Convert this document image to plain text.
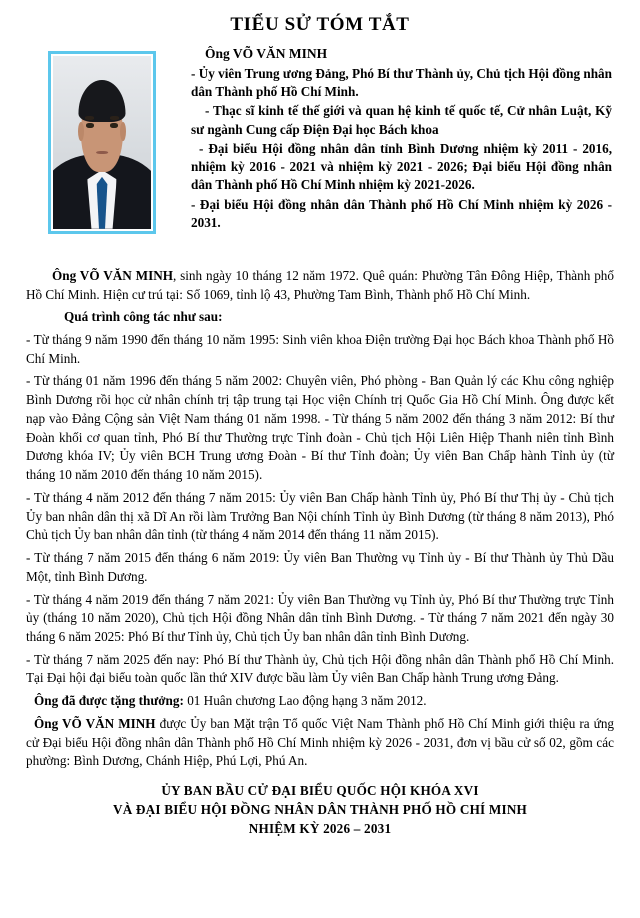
TIỂU SỬ TÓM TẮT
Ông VÕ VĂN MINH
- Ủy viên Trung ương Đảng, Phó Bí thư Thành ủy, Chủ tịch Hội đồng nhân dân Thành phố Hồ Chí Minh.
- Thạc sĩ kinh tế thế giới và quan hệ kinh tế quốc tế, Cử nhân Luật, Kỹ sư ngành Cung cấp Điện Đại học Bách khoa
- Đại biểu Hội đồng nhân dân tỉnh Bình Dương nhiệm kỳ 2011 - 2016, nhiệm kỳ 2016 - 2021 và nhiệm kỳ 2021 - 2026; Đại biểu Hội đồng nhân dân Thành phố Hồ Chí Minh nhiệm kỳ 2021-2026.
- Đại biểu Hội đồng nhân dân Thành phố Hồ Chí Minh nhiệm kỳ 2026 - 2031.

Ông VÕ VĂN MINH, sinh ngày 10 tháng 12 năm 1972. Quê quán: Phường Tân Đông Hiệp, Thành phố Hồ Chí Minh. Hiện cư trú tại: Số 1069, tỉnh lộ 43, Phường Tam Bình, Thành phố Hồ Chí Minh.

Quá trình công tác như sau:

- Từ tháng 9 năm 1990 đến tháng 10 năm 1995: Sinh viên khoa Điện trường Đại học Bách khoa Thành phố Hồ Chí Minh.

- Từ tháng 01 năm 1996 đến tháng 5 năm 2002: Chuyên viên, Phó phòng - Ban Quản lý các Khu công nghiệp Bình Dương rồi học cử nhân chính trị tập trung tại Học viện Chính trị Quốc Gia Hồ Chí Minh. Ông được kết nạp vào Đảng Cộng sản Việt Nam tháng 01 năm 1998. - Từ tháng 5 năm 2002 đến tháng 3 năm 2012: Bí thư Đoàn khối cơ quan tỉnh, Phó Bí thư Thường trực Tỉnh đoàn - Chủ tịch Hội Liên Hiệp Thanh niên tỉnh Bình Dương khóa IV; Ủy viên BCH Trung ương Đoàn - Bí thư Tỉnh đoàn; Ủy viên Ban Chấp hành Tỉnh ủy (từ tháng 10 năm 2010 đến tháng 10 năm 2015).

- Từ tháng 4 năm 2012 đến tháng 7 năm 2015: Ủy viên Ban Chấp hành Tỉnh ủy, Phó Bí thư Thị ủy - Chủ tịch Ủy ban nhân dân thị xã Dĩ An rồi làm Trưởng Ban Nội chính Tỉnh ủy Bình Dương (từ tháng 8 năm 2013), Phó Chủ tịch Ủy ban nhân dân tỉnh (từ tháng 4 năm 2014 đến tháng 11 năm 2015).

- Từ tháng 7 năm 2015 đến tháng 6 năm 2019: Ủy viên Ban Thường vụ Tỉnh ủy - Bí thư Thành ủy Thủ Dầu Một, tỉnh Bình Dương.

- Từ tháng 4 năm 2019 đến tháng 7 năm 2021: Ủy viên Ban Thường vụ Tỉnh ủy, Phó Bí thư Thường trực Tỉnh ủy (tháng 10 năm 2020), Chủ tịch Hội đồng Nhân dân tỉnh Bình Dương. - Từ tháng 7 năm 2021 đến ngày 30 tháng 6 năm 2025: Phó Bí thư Tỉnh ủy, Chủ tịch Ủy ban nhân dân tỉnh Bình Dương.

- Từ tháng 7 năm 2025 đến nay: Phó Bí thư Thành ủy, Chủ tịch Hội đồng nhân dân Thành phố Hồ Chí Minh. Tại Đại hội đại biểu toàn quốc lần thứ XIV được bầu làm Ủy viên Ban Chấp hành Trung ương Đảng.

Ông đã được tặng thưởng: 01 Huân chương Lao động hạng 3 năm 2012.

Ông VÕ VĂN MINH được Ủy ban Mặt trận Tổ quốc Việt Nam Thành phố Hồ Chí Minh giới thiệu ra ứng cử Đại biểu Hội đồng nhân dân Thành phố Hồ Chí Minh nhiệm kỳ 2026 - 2031, đơn vị bầu cử số 02, gồm các phường: Bình Dương, Chánh Hiệp, Phú Lợi, Phú An.

ỦY BAN BẦU CỬ ĐẠI BIỂU QUỐC HỘI KHÓA XVI
VÀ ĐẠI BIỂU HỘI ĐỒNG NHÂN DÂN THÀNH PHỐ HỒ CHÍ MINH
NHIỆM KỲ 2026 – 2031
